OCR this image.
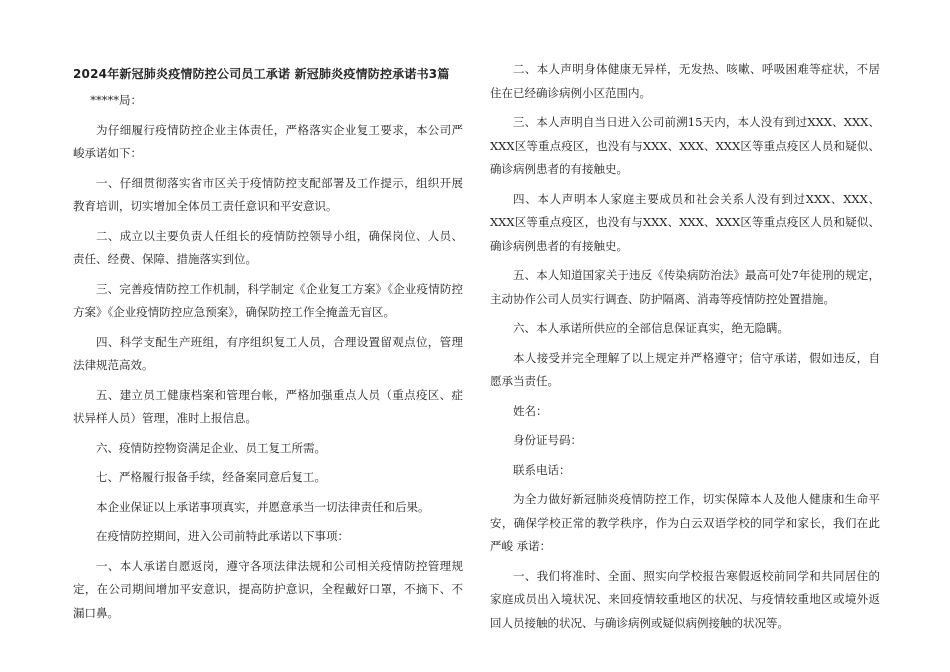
2024年新冠肺炎疫情防控公司员工承诺 新冠肺炎疫情防控承诺书3篇

*****局：

为仔细履行疫情防控企业主体责任，严格落实企业复工要求，本公司严峻承诺如下：

一、仔细贯彻落实省市区关于疫情防控支配部署及工作提示，组织开展教育培训，切实增加全体员工责任意识和平安意识。

二、成立以主要负责人任组长的疫情防控领导小组，确保岗位、人员、责任、经费、保障、措施落实到位。

三、完善疫情防控工作机制，科学制定《企业复工方案》《企业疫情防控方案》《企业疫情防控应急预案》，确保防控工作全掩盖无盲区。

四、科学支配生产班组，有序组织复工人员，合理设置留观点位，管理法律规范高效。

五、建立员工健康档案和管理台帐，严格加强重点人员（重点疫区、症状异样人员）管理，准时上报信息。

六、疫情防控物资满足企业、员工复工所需。

七、严格履行报备手续，经备案同意后复工。

本企业保证以上承诺事项真实，并愿意承当一切法律责任和后果。

在疫情防控期间，进入公司前特此承诺以下事项：

一、本人承诺自愿返岗，遵守各项法律法规和公司相关疫情防控管理规定，在公司期间增加平安意识，提高防护意识，全程戴好口罩，不摘下、不漏口鼻。

二、本人声明身体健康无异样，无发热、咳嗽、呼吸困难等症状，不居住在已经确诊病例小区范围内。

三、本人声明自当日进入公司前溯15天内，本人没有到过XXX、XXX、XXX区等重点疫区，也没有与XXX、XXX、XXX区等重点疫区人员和疑似、确诊病例患者的有接触史。

四、本人声明本人家庭主要成员和社会关系人没有到过XXX、XXX、XXX区等重点疫区，也没有与XXX、XXX、XXX区等重点疫区人员和疑似、确诊病例患者的有接触史。

五、本人知道国家关于违反《传染病防治法》最高可处7年徒刑的规定，主动协作公司人员实行调查、防护隔离、消毒等疫情防控处置措施。

六、本人承诺所供应的全部信息保证真实，绝无隐瞒。

本人接受并完全理解了以上规定并严格遵守；信守承诺，假如违反，自愿承当责任。

姓名：

身份证号码：

联系电话：

为全力做好新冠肺炎疫情防控工作，切实保障本人及他人健康和生命平安，确保学校正常的教学秩序，作为白云双语学校的同学和家长，我们在此严峻 承诺：

一、我们将准时、全面、照实向学校报告寒假返校前同学和共同居住的家庭成员出入境状况、来回疫情较重地区的状况、与疫情较重地区或境外返回人员接触的状况、与确诊病例或疑似病例接触的状况等。
